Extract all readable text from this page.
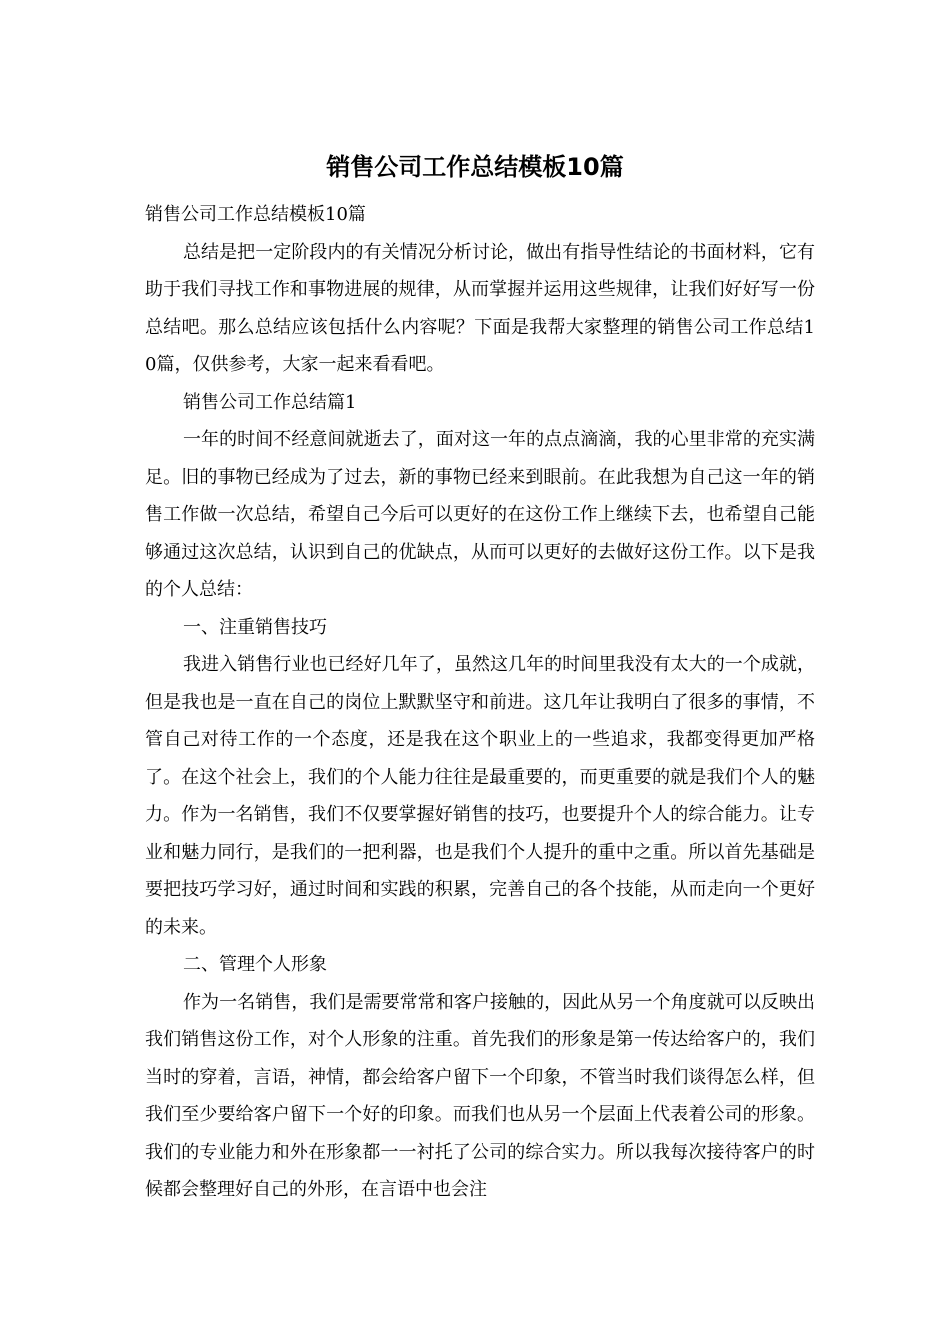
销售公司工作总结模板10篇

销售公司工作总结模板10篇

总结是把一定阶段内的有关情况分析讨论，做出有指导性结论的书面材料，它有助于我们寻找工作和事物进展的规律，从而掌握并运用这些规律，让我们好好写一份总结吧。那么总结应该包括什么内容呢？下面是我帮大家整理的销售公司工作总结10篇，仅供参考，大家一起来看看吧。

销售公司工作总结篇1

一年的时间不经意间就逝去了，面对这一年的点点滴滴，我的心里非常的充实满足。旧的事物已经成为了过去，新的事物已经来到眼前。在此我想为自己这一年的销售工作做一次总结，希望自己今后可以更好的在这份工作上继续下去，也希望自己能够通过这次总结，认识到自己的优缺点，从而可以更好的去做好这份工作。以下是我的个人总结：

一、注重销售技巧

我进入销售行业也已经好几年了，虽然这几年的时间里我没有太大的一个成就，但是我也是一直在自己的岗位上默默坚守和前进。这几年让我明白了很多的事情，不管自己对待工作的一个态度，还是我在这个职业上的一些追求，我都变得更加严格了。在这个社会上，我们的个人能力往往是最重要的，而更重要的就是我们个人的魅力。作为一名销售，我们不仅要掌握好销售的技巧，也要提升个人的综合能力。让专业和魅力同行，是我们的一把利器，也是我们个人提升的重中之重。所以首先基础是要把技巧学习好，通过时间和实践的积累，完善自己的各个技能，从而走向一个更好的未来。

二、管理个人形象

作为一名销售，我们是需要常常和客户接触的，因此从另一个角度就可以反映出我们销售这份工作，对个人形象的注重。首先我们的形象是第一传达给客户的，我们当时的穿着，言语，神情，都会给客户留下一个印象，不管当时我们谈得怎么样，但我们至少要给客户留下一个好的印象。而我们也从另一个层面上代表着公司的形象。我们的专业能力和外在形象都一一衬托了公司的综合实力。所以我每次接待客户的时候都会整理好自己的外形，在言语中也会注
